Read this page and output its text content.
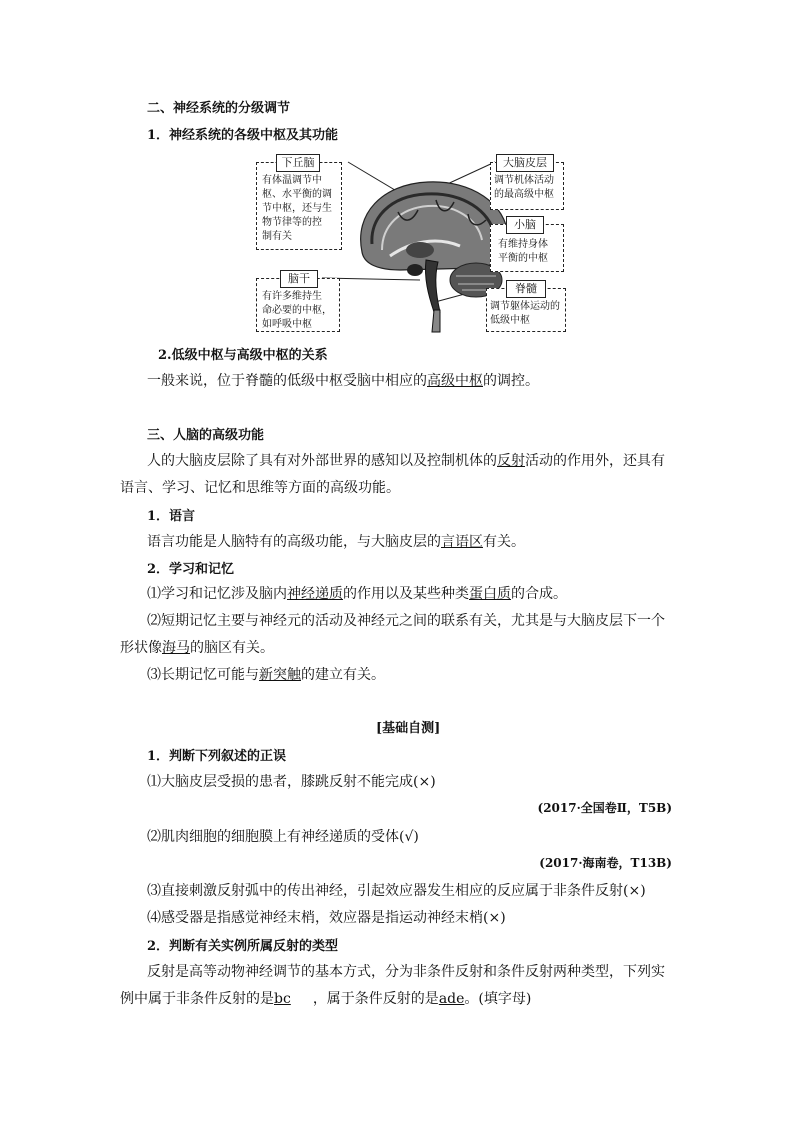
二、神经系统的分级调节
1．神经系统的各级中枢及其功能
下丘脑
有体温调节中
枢、水平衡的调
节中枢，还与生
物节律等的控
制有关
脑干
有许多维持生
命必要的中枢，
如呼吸中枢
大脑皮层
调节机体活动
的最高级中枢
小脑
有维持身体
平衡的中枢
脊髓
调节躯体运动的
低级中枢
2.低级中枢与高级中枢的关系
一般来说，位于脊髓的低级中枢受脑中相应的高级中枢的调控。
三、人脑的高级功能
人的大脑皮层除了具有对外部世界的感知以及控制机体的反射活动的作用外，还具有
语言、学习、记忆和思维等方面的高级功能。
1．语言
语言功能是人脑特有的高级功能，与大脑皮层的言语区有关。
2．学习和记忆
⑴学习和记忆涉及脑内神经递质的作用以及某些种类蛋白质的合成。
⑵短期记忆主要与神经元的活动及神经元之间的联系有关，尤其是与大脑皮层下一个
形状像海马的脑区有关。
⑶长期记忆可能与新突触的建立有关。
[基础自测]
1．判断下列叙述的正误
⑴大脑皮层受损的患者，膝跳反射不能完成(×)
(2017·全国卷Ⅱ，T5B)
⑵肌肉细胞的细胞膜上有神经递质的受体(√)
(2017·海南卷，T13B)
⑶直接刺激反射弧中的传出神经，引起效应器发生相应的反应属于非条件反射(×)
⑷感受器是指感觉神经末梢，效应器是指运动神经末梢(×)
2．判断有关实例所属反射的类型
反射是高等动物神经调节的基本方式，分为非条件反射和条件反射两种类型，下列实
例中属于非条件反射的是bc ，属于条件反射的是ade。(填字母)
